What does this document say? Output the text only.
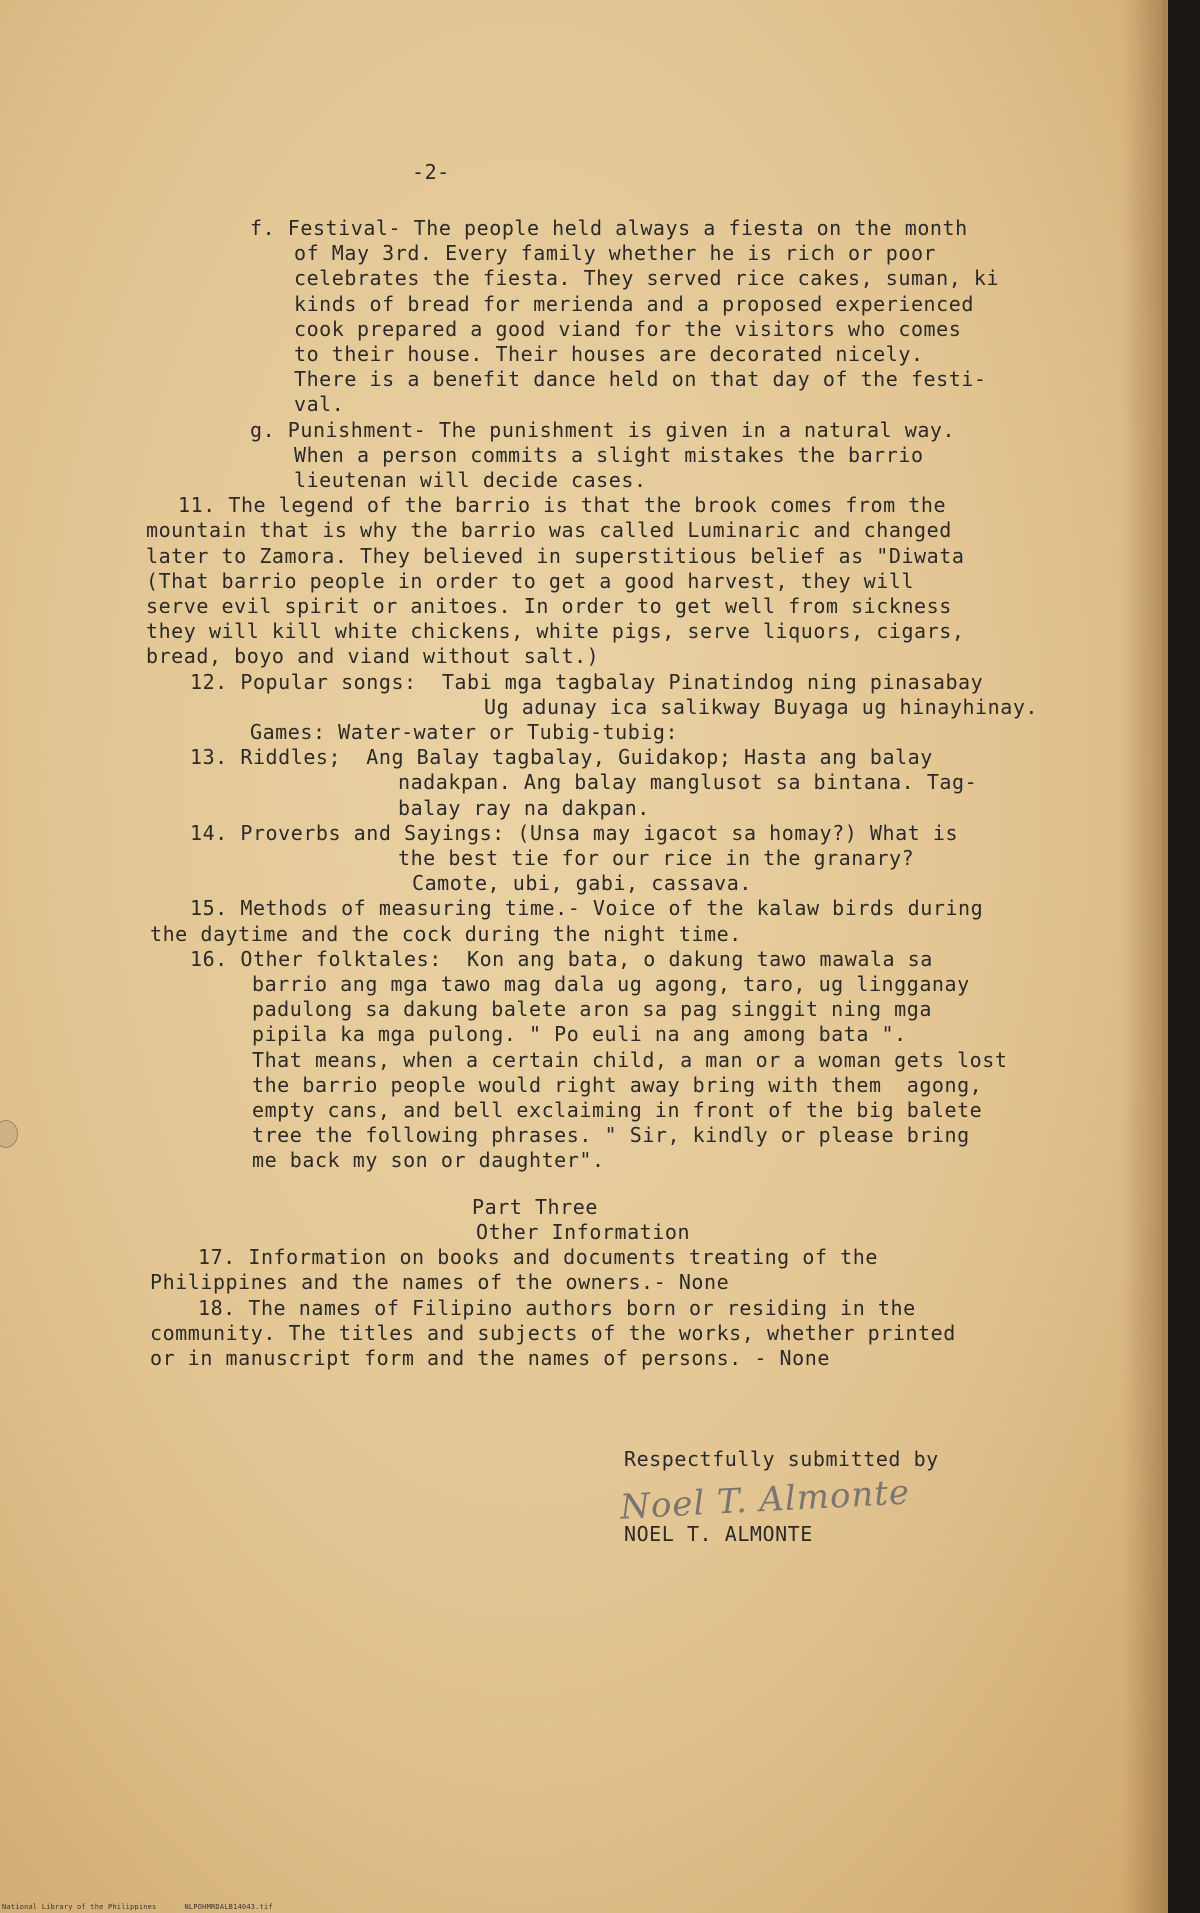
-2-

f. Festival- The people held always a fiesta on the month

of May 3rd. Every family whether he is rich or poor

celebrates the fiesta. They served rice cakes, suman, ki

kinds of bread for merienda and a proposed experienced

cook prepared a good viand for the visitors who comes

to their house. Their houses are decorated nicely.

There is a benefit dance held on that day of the festi-

val.

g. Punishment- The punishment is given in a natural way.

When a person commits a slight mistakes the barrio

lieutenan will decide cases.

11. The legend of the barrio is that the brook comes from the

mountain that is why the barrio was called Luminaric and changed

later to Zamora. They believed in superstitious belief as "Diwata

(That barrio people in order to get a good harvest, they will

serve evil spirit or anitoes. In order to get well from sickness

they will kill white chickens, white pigs, serve liquors, cigars,

bread, boyo and viand without salt.)

12. Popular songs:  Tabi mga tagbalay Pinatindog ning pinasabay

Ug adunay ica salikway Buyaga ug hinayhinay.

Games: Water-water or Tubig-tubig:

13. Riddles;  Ang Balay tagbalay, Guidakop; Hasta ang balay

nadakpan. Ang balay manglusot sa bintana. Tag-

balay ray na dakpan.

14. Proverbs and Sayings: (Unsa may igacot sa homay?) What is

the best tie for our rice in the granary?

Camote, ubi, gabi, cassava.

15. Methods of measuring time.- Voice of the kalaw birds during

the daytime and the cock during the night time.

16. Other folktales:  Kon ang bata, o dakung tawo mawala sa

barrio ang mga tawo mag dala ug agong, taro, ug lingganay

padulong sa dakung balete aron sa pag singgit ning mga

pipila ka mga pulong. " Po euli na ang among bata ".

That means, when a certain child, a man or a woman gets lost

the barrio people would right away bring with them  agong,

empty cans, and bell exclaiming in front of the big balete

tree the following phrases. " Sir, kindly or please bring

me back my son or daughter".

Part Three

Other Information

17. Information on books and documents treating of the

Philippines and the names of the owners.- None

18. The names of Filipino authors born or residing in the

community. The titles and subjects of the works, whether printed

or in manuscript form and the names of persons. - None

Respectfully submitted by

NOEL T. ALMONTE

Noel T. Almonte
National Library of the Philippines	NLPOHMRDALB14043.tif
